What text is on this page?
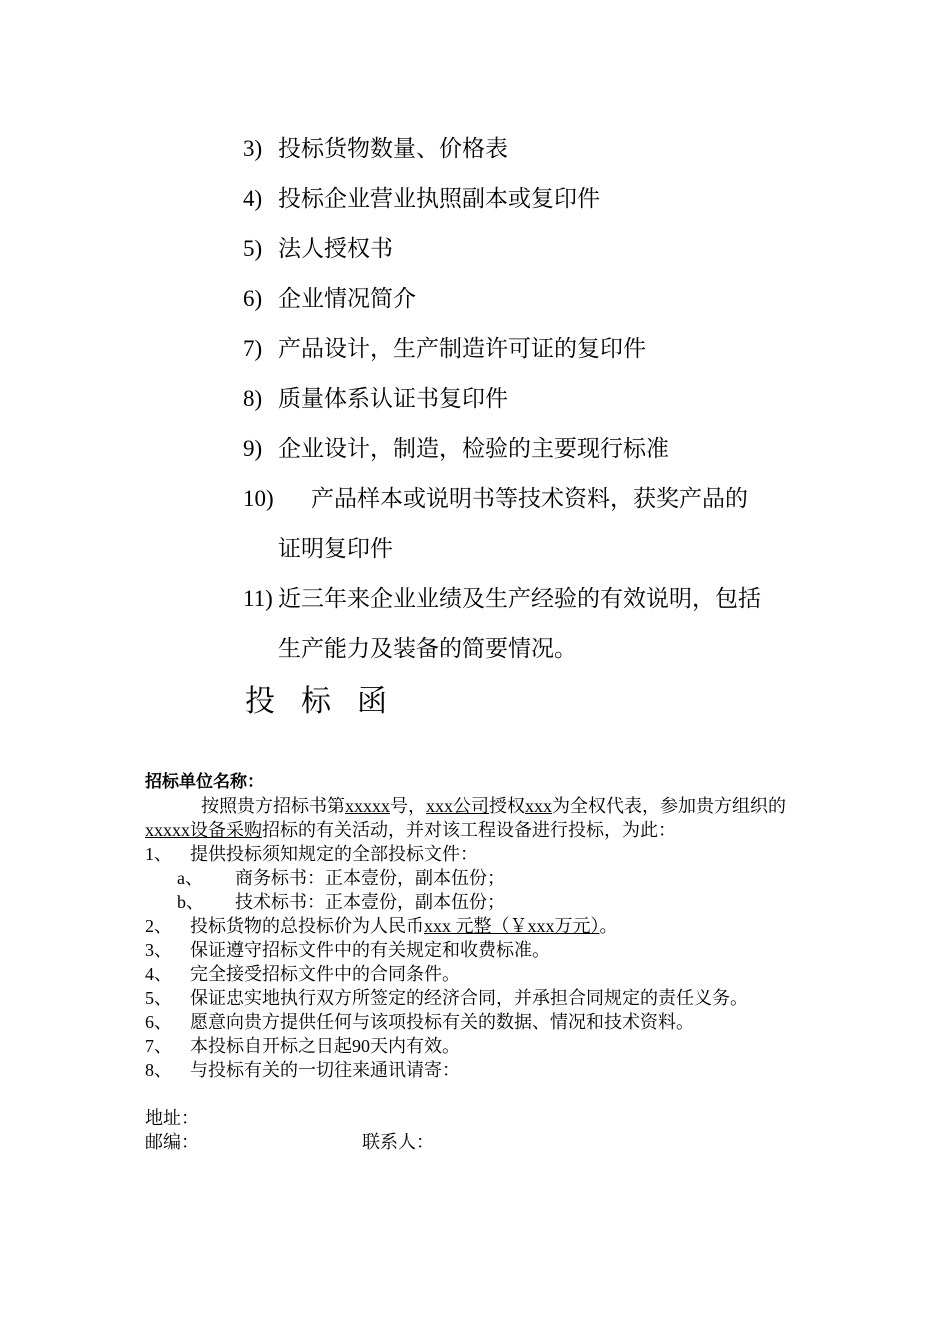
3) 投标货物数量、价格表
4) 投标企业营业执照副本或复印件
5) 法人授权书
6) 企业情况简介
7) 产品设计，生产制造许可证的复印件
8) 质量体系认证书复印件
9) 企业设计，制造，检验的主要现行标准
10)	产品样本或说明书等技术资料，获奖产品的
证明复印件
11) 近三年来企业业绩及生产经验的有效说明，包括
生产能力及装备的简要情况。
投标函
招标单位名称：
按照贵方招标书第xxxxx号，xxx公司授权xxx为全权代表，参加贵方组织的xxxxx设备采购招标的有关活动，并对该工程设备进行投标，为此：
1、	提供投标须知规定的全部投标文件：
a、	商务标书：正本壹份，副本伍份；
b、	技术标书：正本壹份，副本伍份；
2、	投标货物的总投标价为人民币xxx 元整（￥xxx万元）。
3、	保证遵守招标文件中的有关规定和收费标准。
4、	完全接受招标文件中的合同条件。
5、	保证忠实地执行双方所签定的经济合同，并承担合同规定的责任义务。
6、	愿意向贵方提供任何与该项投标有关的数据、情况和技术资料。
7、	本投标自开标之日起90天内有效。
8、	与投标有关的一切往来通讯请寄：
地址：
邮编：	联系人：
